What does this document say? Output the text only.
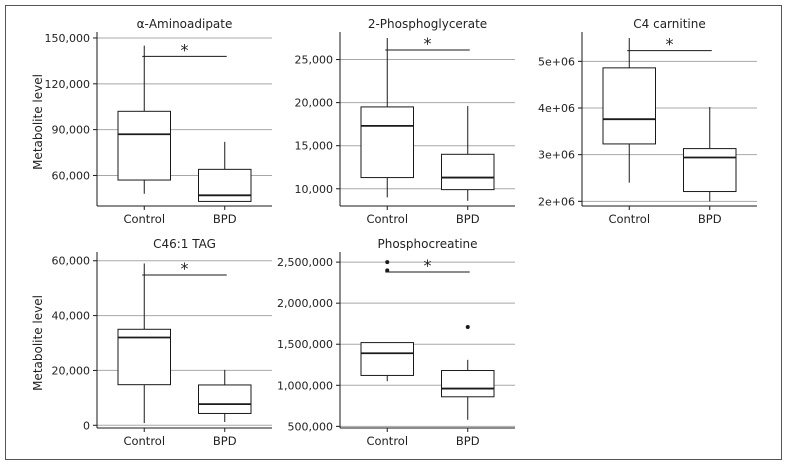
60,000
90,000
120,000
150,000
Control	BPD
α-Aminoadipate
*
Metabolite level
10,000
15,000
20,000
25,000
Control	BPD
2-Phosphoglycerate
*
2e+06
3e+06
4e+06
5e+06
Control	BPD
C4 carnitine
*
0
20,000
40,000
60,000
Control	BPD
C46:1 TAG
*
Metabolite level
500,000
1,000,000
1,500,000
2,000,000
2,500,000
Control	BPD
Phosphocreatine
*
